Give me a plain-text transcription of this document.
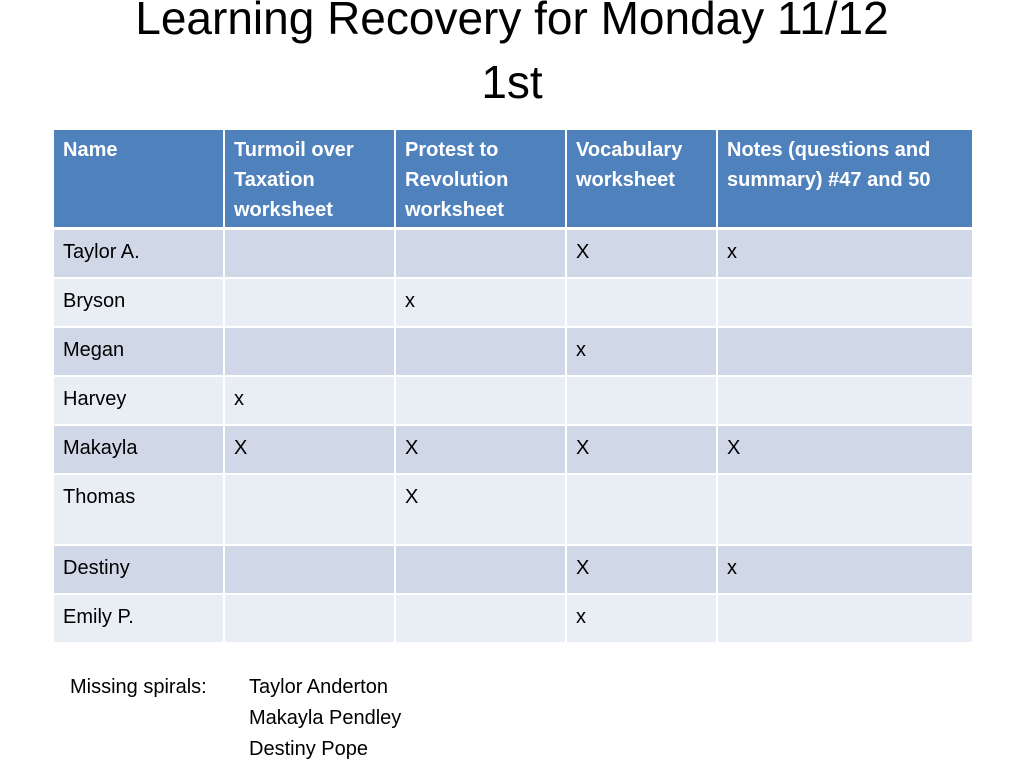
Learning Recovery for Monday 11/12
1st
Name	Turmoil over Taxation worksheet	Protest to Revolution worksheet	Vocabulary worksheet	Notes (questions and summary) #47 and 50
Taylor A.			X	x
Bryson		x		
Megan			x	
Harvey	x			
Makayla	X	X	X	X
Thomas		X		
Destiny			X	x
Emily P.			x	
Missing spirals: Taylor Anderton
Makayla Pendley
Destiny Pope
